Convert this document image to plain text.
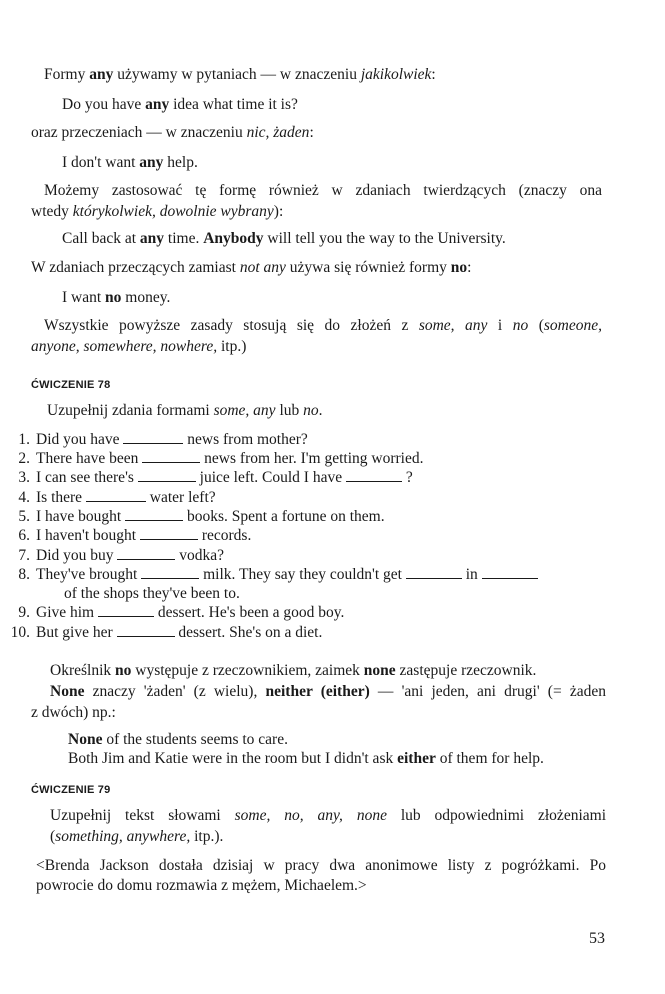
Formy any używamy w pytaniach — w znaczeniu jakikolwiek:
Do you have any idea what time it is?
oraz przeczeniach — w znaczeniu nic, żaden:
I don't want any help.
Możemy zastosować tę formę również w zdaniach twierdzących (znaczy ona
wtedy którykolwiek, dowolnie wybrany):
Call back at any time. Anybody will tell you the way to the University.
W zdaniach przeczących zamiast not any używa się również formy no:
I want no money.
Wszystkie powyższe zasady stosują się do złożeń z some, any i no (someone,
anyone, somewhere, nowhere, itp.)
ĆWICZENIE 78
Uzupełnij zdania formami some, any lub no.
1. Did you have	news from mother?
2. There have been	news from her. I'm getting worried.
3. I can see there's	juice left. Could I have	?
4. Is there	water left?
5. I have bought	books. Spent a fortune on them.
6. I haven't bought	records.
7. Did you buy	vodka?
8. They've brought	milk. They say they couldn't get	in
of the shops they've been to.
9. Give him	dessert. He's been a good boy.
10. But give her	dessert. She's on a diet.
Określnik no występuje z rzeczownikiem, zaimek none zastępuje rzeczownik.
None znaczy 'żaden' (z wielu), neither (either) — 'ani jeden, ani drugi' (= żaden
z dwóch) np.:
None of the students seems to care.
Both Jim and Katie were in the room but I didn't ask either of them for help.
ĆWICZENIE 79
Uzupełnij tekst słowami some, no, any, none lub odpowiednimi złożeniami
(something, anywhere, itp.).
<Brenda Jackson dostała dzisiaj w pracy dwa anonimowe listy z pogróżkami. Po
powrocie do domu rozmawia z mężem, Michaelem.>
53
